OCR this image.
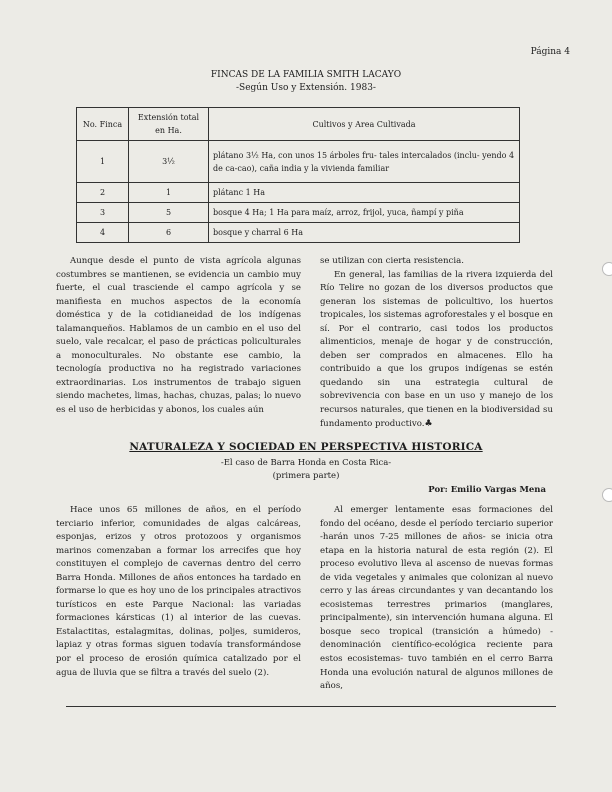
Página 4
FINCAS DE LA FAMILIA SMITH LACAYO
-Según Uso y Extensión. 1983-
No. Finca	Extensión total en Ha.	Cultivos y Area Cultivada
1	3½	plátano 3½ Ha, con unos 15 árboles fru- tales intercalados (inclu- yendo 4 de ca-cao), caña india y la vivienda familiar
2	1	plátanc 1 Ha
3	5	bosque 4 Ha; 1 Ha para maíz, arroz, frijol, yuca, ñampí y piña
4	6	bosque y charral 6 Ha

Aunque desde el punto de vista agrícola algunas costumbres se mantienen, se evidencia un cambio muy fuerte, el cual trasciende el campo agrícola y se manifiesta en muchos aspectos de la economía doméstica y de la cotidianeidad de los indígenas talamanqueños. Hablamos de un cambio en el uso del suelo, vale recalcar, el paso de prácticas policulturales a monoculturales. No obstante ese cambio, la tecnología productiva no ha registrado variaciones extraordinarias. Los instrumentos de trabajo siguen siendo machetes, limas, hachas, chuzas, palas; lo nuevo es el uso de herbicidas y abonos, los cuales aún

se utilizan con cierta resistencia.

En general, las familias de la rivera izquierda del Río Telire no gozan de los diversos productos que generan los sistemas de policultivo, los huertos tropicales, los sistemas agroforestales y el bosque en sí. Por el contrario, casi todos los productos alimenticios, menaje de hogar y de construcción, deben ser comprados en almacenes. Ello ha contribuido a que los grupos indígenas se estén quedando sin una estrategia cultural de sobrevivencia con base en un uso y manejo de los recursos naturales, que tienen en la biodiversidad su fundamento productivo.♣

NATURALEZA Y SOCIEDAD EN PERSPECTIVA HISTORICA
-El caso de Barra Honda en Costa Rica-
(primera parte)
Por: Emilio Vargas Mena

Hace unos 65 millones de años, en el período terciario inferior, comunidades de algas calcáreas, esponjas, erizos y otros protozoos y organismos marinos comenzaban a formar los arrecifes que hoy constituyen el complejo de cavernas dentro del cerro Barra Honda. Millones de años entonces ha tardado en formarse lo que es hoy uno de los principales atractivos turísticos en este Parque Nacional: las variadas formaciones kársticas (1) al interior de las cuevas. Estalactitas, estalagmitas, dolinas, poljes, sumideros, lapiaz y otras formas siguen todavía transformándose por el proceso de erosión química catalizado por el agua de lluvia que se filtra a través del suelo (2).

Al emerger lentamente esas formaciones del fondo del océano, desde el período terciario superior -harán unos 7-25 millones de años- se inicia otra etapa en la historia natural de esta región (2). El proceso evolutivo lleva al ascenso de nuevas formas de vida vegetales y animales que colonizan al nuevo cerro y las áreas circundantes y van decantando los ecosistemas terrestres primarios (manglares, principalmente), sin intervención humana alguna. El bosque seco tropical (transición a húmedo) -denominación científico-ecológica reciente para estos ecosistemas- tuvo también en el cerro Barra Honda una evolución natural de algunos millones de años,
